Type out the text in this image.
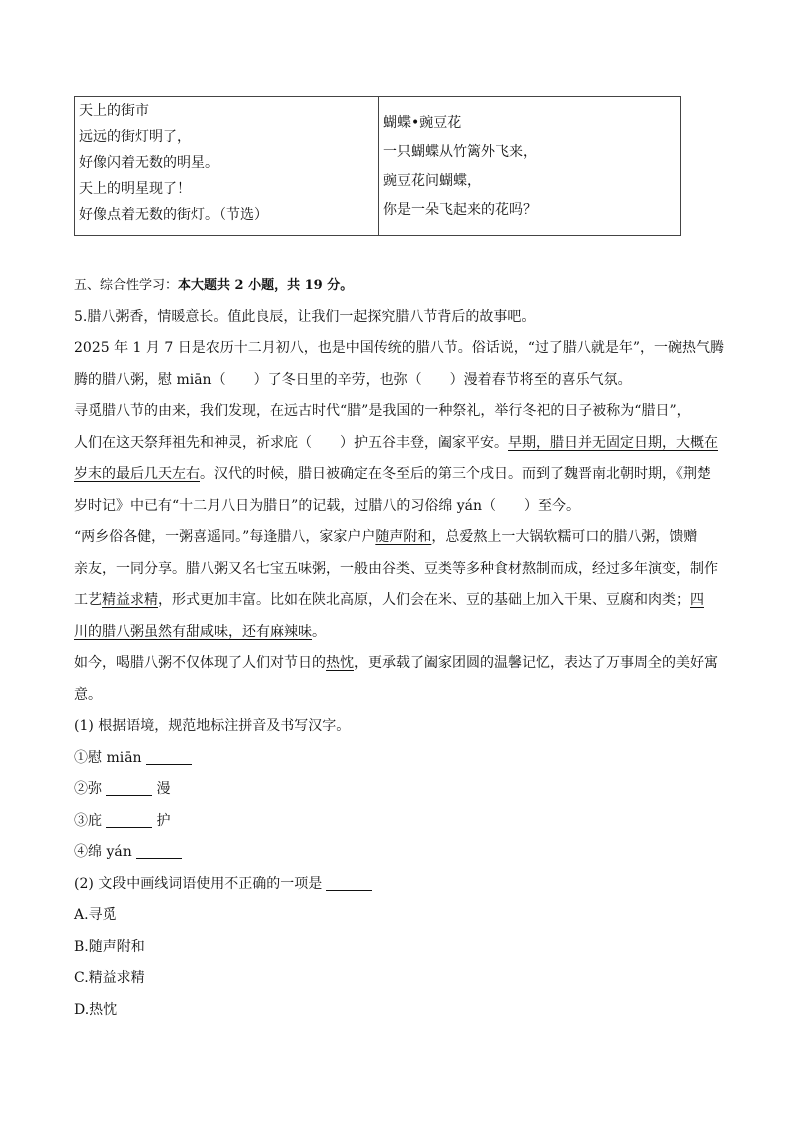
天上的街市
远远的街灯明了，
好像闪着无数的明星。
天上的明星现了！
好像点着无数的街灯。（节选）
蝴蝶•豌豆花
一只蝴蝶从竹篱外飞来，
豌豆花问蝴蝶，
你是一朵飞起来的花吗？
五、综合性学习：本大题共 2 小题，共 19 分。
5.腊八粥香，情暖意长。值此良辰，让我们一起探究腊八节背后的故事吧。
2025 年 1 月 7 日是农历十二月初八，也是中国传统的腊八节。俗话说，“过了腊八就是年”，一碗热气腾
腾的腊八粥，慰 miān（　　）了冬日里的辛劳，也弥（　　）漫着春节将至的喜乐气氛。
寻觅腊八节的由来，我们发现，在远古时代“腊”是我国的一种祭礼，举行冬祀的日子被称为“腊日”，
人们在这天祭拜祖先和神灵，祈求庇（　　）护五谷丰登，阖家平安。早期，腊日并无固定日期，大概在
岁末的最后几天左右。汉代的时候，腊日被确定在冬至后的第三个戌日。而到了魏晋南北朝时期，《荆楚
岁时记》中已有“十二月八日为腊日”的记载，过腊八的习俗绵 yán（　　）至今。
“两乡俗各健，一粥喜遥同。”每逢腊八，家家户户随声附和，总爱熬上一大锅软糯可口的腊八粥，馈赠
亲友，一同分享。腊八粥又名七宝五味粥，一般由谷类、豆类等多种食材熬制而成，经过多年演变，制作
工艺精益求精，形式更加丰富。比如在陕北高原，人们会在米、豆的基础上加入干果、豆腐和肉类；四
川的腊八粥虽然有甜咸味，还有麻辣味。
如今，喝腊八粥不仅体现了人们对节日的热忱，更承载了阖家团圆的温馨记忆，表达了万事周全的美好寓
意。
(1) 根据语境，规范地标注拼音及书写汉字。
①慰 miān
②弥	漫
③庇	护
④绵 yán
(2) 文段中画线词语使用不正确的一项是
A.寻觅
B.随声附和
C.精益求精
D.热忱
